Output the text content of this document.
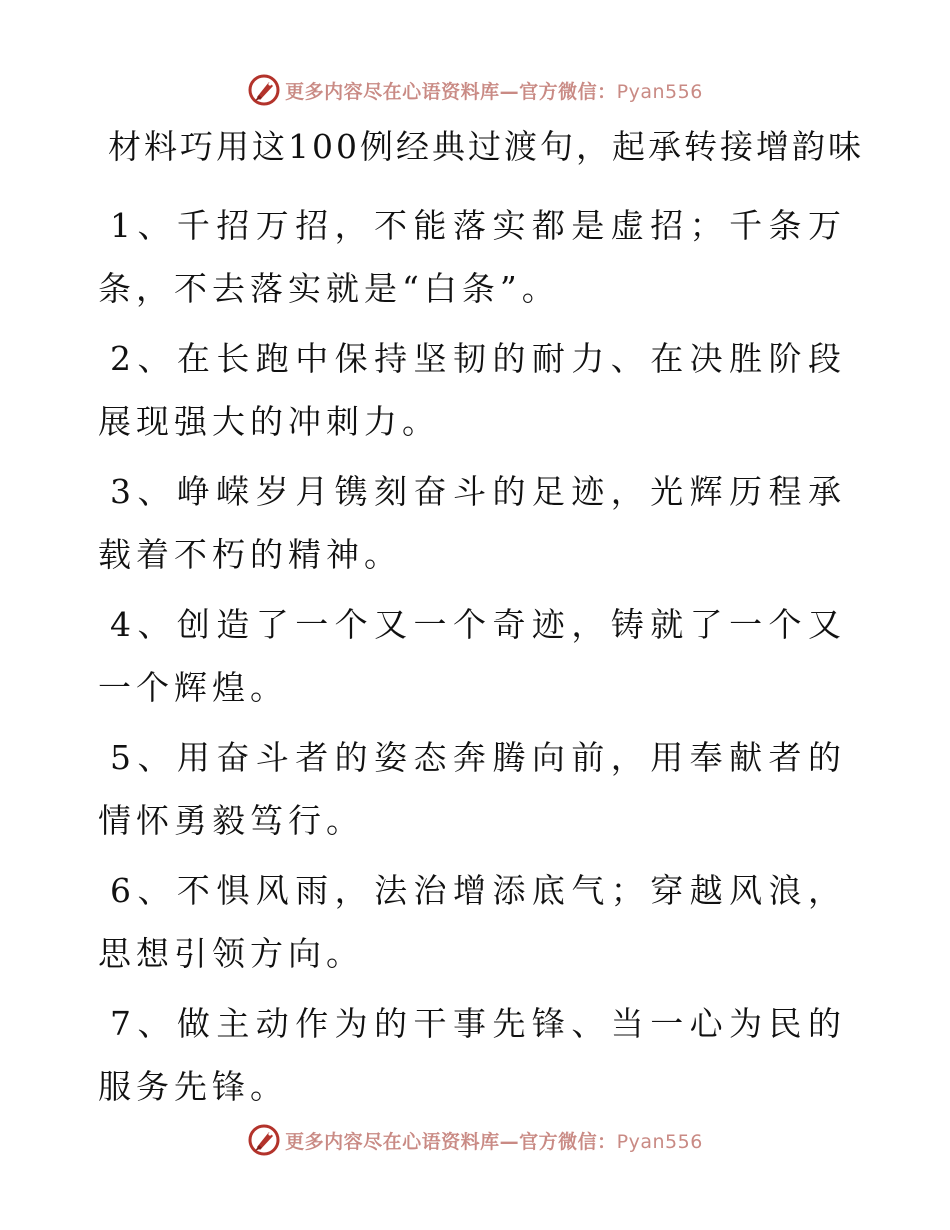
更多内容尽在心语资料库—官方微信：Pyan556
材料巧用这100例经典过渡句，起承转接增韵味

1、千招万招，不能落实都是虚招；千条万条，不去落实就是“白条”。

2、在长跑中保持坚韧的耐力、在决胜阶段展现强大的冲刺力。

3、峥嵘岁月镌刻奋斗的足迹，光辉历程承载着不朽的精神。

4、创造了一个又一个奇迹，铸就了一个又一个辉煌。

5、用奋斗者的姿态奔腾向前，用奉献者的情怀勇毅笃行。

6、不惧风雨，法治增添底气；穿越风浪，思想引领方向。

7、做主动作为的干事先锋、当一心为民的服务先锋。

更多内容尽在心语资料库—官方微信：Pyan556
